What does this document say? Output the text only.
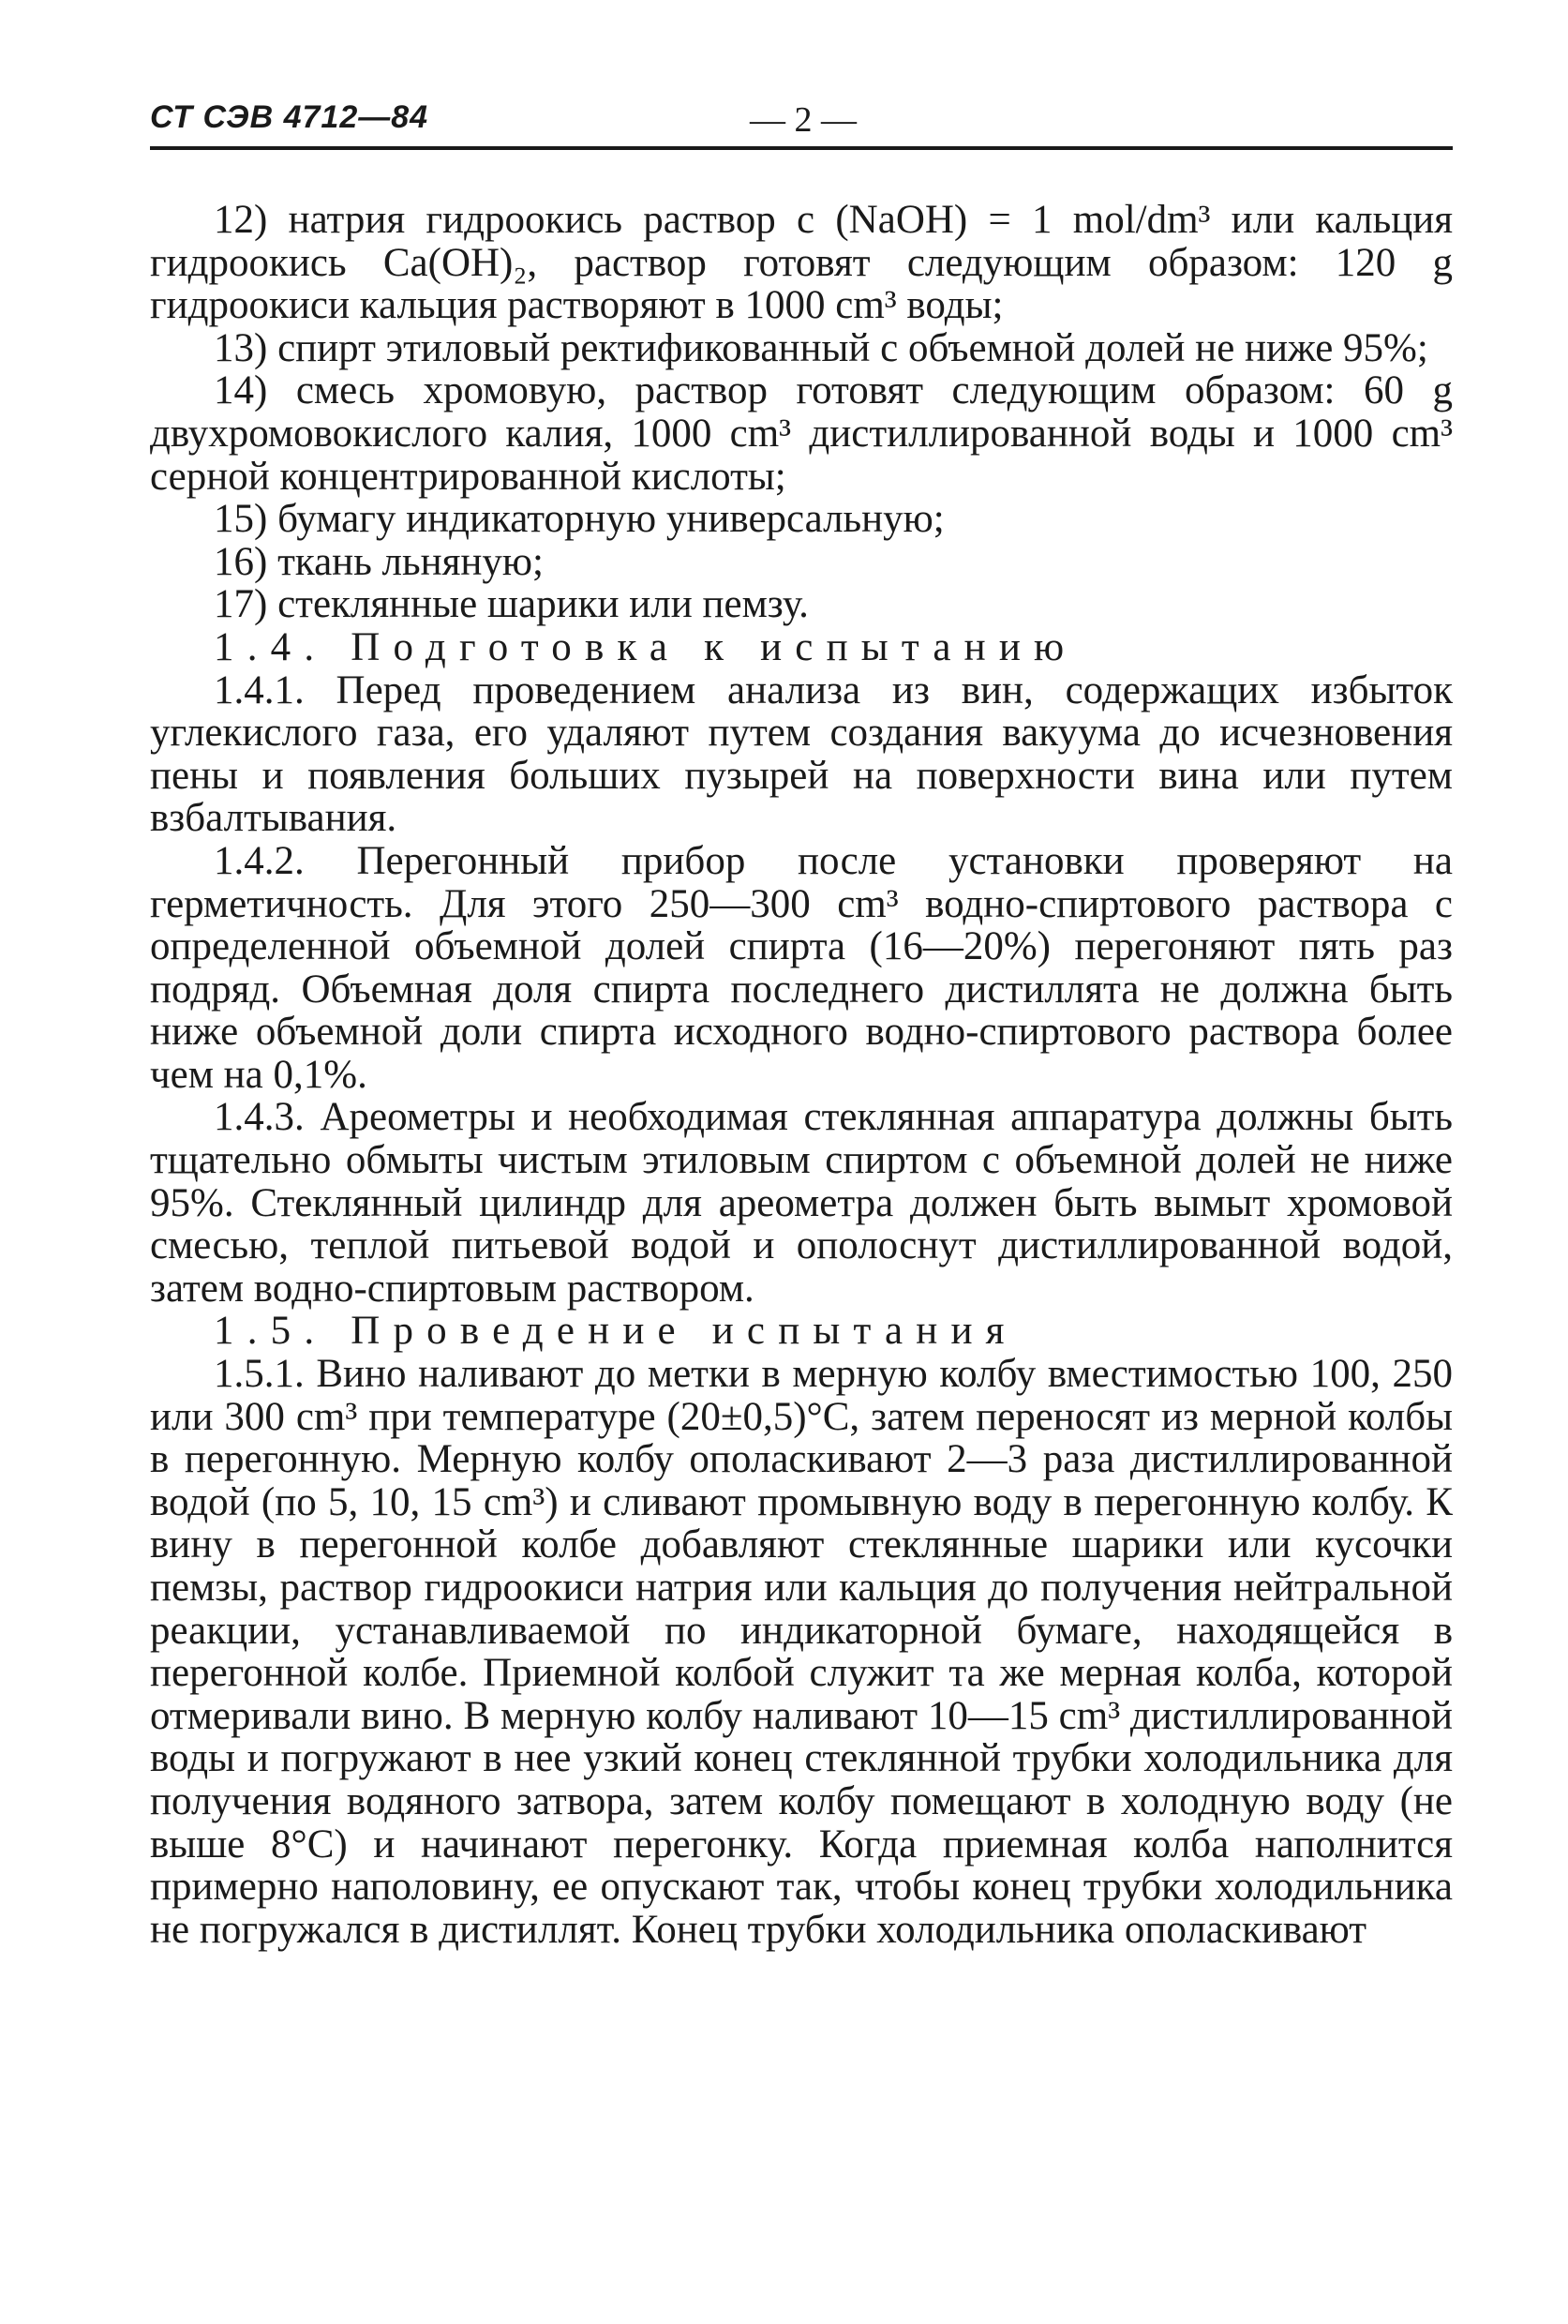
СТ СЭВ 4712—84	— 2 —

12) натрия гидроокись раствор c (NaOH) = 1 mol/dm³ или кальция гидроокись Ca(OH)₂, раствор готовят следующим образом: 120 g гидроокиси кальция растворяют в 1000 cm³ воды;

13) спирт этиловый ректификованный с объемной долей не ниже 95%;

14) смесь хромовую, раствор готовят следующим образом: 60 g двухромовокислого калия, 1000 cm³ дистиллированной воды и 1000 cm³ серной концентрированной кислоты;

15) бумагу индикаторную универсальную;

16) ткань льняную;

17) стеклянные шарики или пемзу.

1.4. Подготовка к испытанию

1.4.1. Перед проведением анализа из вин, содержащих избыток углекислого газа, его удаляют путем создания вакуума до исчезновения пены и появления больших пузырей на поверхности вина или путем взбалтывания.

1.4.2. Перегонный прибор после установки проверяют на герметичность. Для этого 250—300 cm³ водно-спиртового раствора с определенной объемной долей спирта (16—20%) перегоняют пять раз подряд. Объемная доля спирта последнего дистиллята не должна быть ниже объемной доли спирта исходного водно-спиртового раствора более чем на 0,1%.

1.4.3. Ареометры и необходимая стеклянная аппаратура должны быть тщательно обмыты чистым этиловым спиртом с объемной долей не ниже 95%. Стеклянный цилиндр для ареометра должен быть вымыт хромовой смесью, теплой питьевой водой и ополоснут дистиллированной водой, затем водно-спиртовым раствором.

1.5. Проведение испытания

1.5.1. Вино наливают до метки в мерную колбу вместимостью 100, 250 или 300 cm³ при температуре (20±0,5)°C, затем переносят из мерной колбы в перегонную. Мерную колбу ополаскивают 2—3 раза дистиллированной водой (по 5, 10, 15 cm³) и сливают промывную воду в перегонную колбу. К вину в перегонной колбе добавляют стеклянные шарики или кусочки пемзы, раствор гидроокиси натрия или кальция до получения нейтральной реакции, устанавливаемой по индикаторной бумаге, находящейся в перегонной колбе. Приемной колбой служит та же мерная колба, которой отмеривали вино. В мерную колбу наливают 10—15 cm³ дистиллированной воды и погружают в нее узкий конец стеклянной трубки холодильника для получения водяного затвора, затем колбу помещают в холодную воду (не выше 8°C) и начинают перегонку. Когда приемная колба наполнится примерно наполовину, ее опускают так, чтобы конец трубки холодильника не погружался в дистиллят. Конец трубки холодильника ополаскивают
